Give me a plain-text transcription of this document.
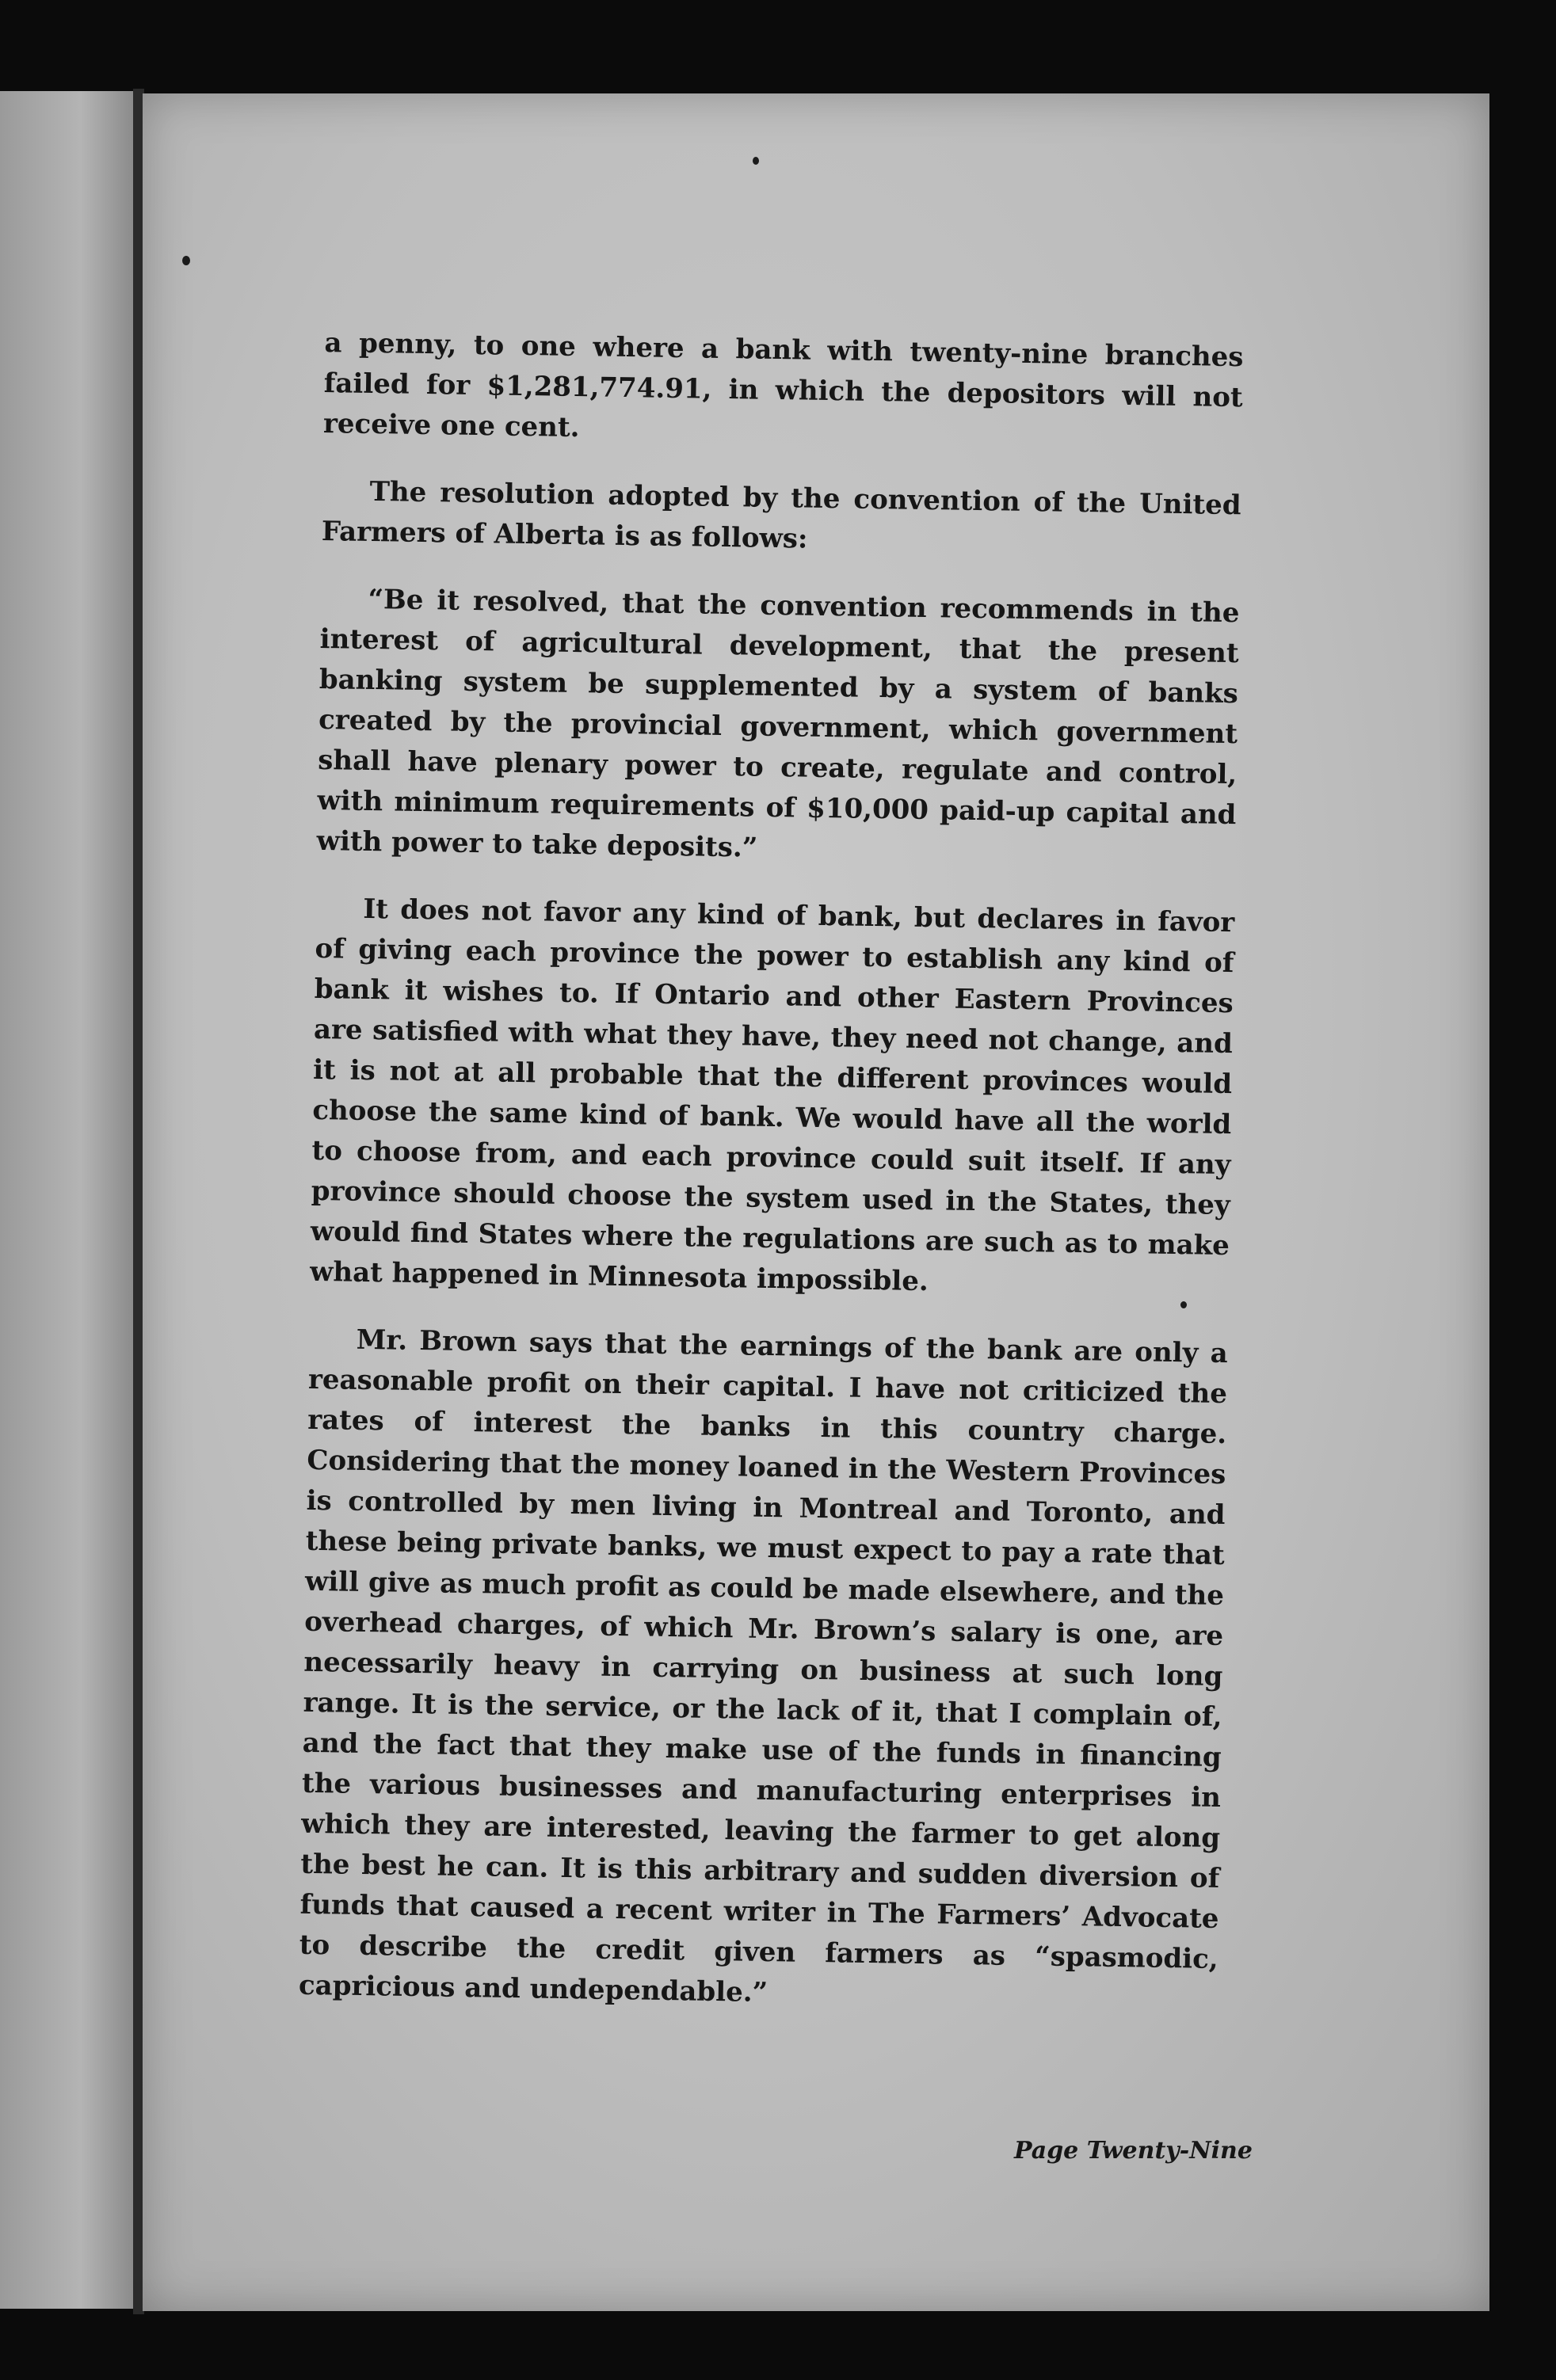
a penny, to one where a bank with twenty-nine branches failed for $1,281,774.91, in which the depositors will not receive one cent.

The resolution adopted by the convention of the United Farmers of Alberta is as follows:

“Be it resolved, that the convention recommends in the interest of agricultural development, that the present banking system be supplemented by a system of banks created by the provincial government, which government shall have plenary power to create, regulate and control, with minimum requirements of $10,000 paid-up capital and with power to take deposits.”

It does not favor any kind of bank, but declares in favor of giving each province the power to establish any kind of bank it wishes to. If Ontario and other Eastern Provinces are satisfied with what they have, they need not change, and it is not at all probable that the different provinces would choose the same kind of bank. We would have all the world to choose from, and each province could suit itself. If any province should choose the system used in the States, they would find States where the regulations are such as to make what happened in Minnesota impossible.

Mr. Brown says that the earnings of the bank are only a reasonable profit on their capital. I have not criticized the rates of interest the banks in this country charge. Considering that the money loaned in the Western Provinces is controlled by men living in Montreal and Toronto, and these being private banks, we must expect to pay a rate that will give as much profit as could be made elsewhere, and the overhead charges, of which Mr. Brown’s salary is one, are necessarily heavy in carrying on business at such long range. It is the service, or the lack of it, that I complain of, and the fact that they make use of the funds in financing the various businesses and manufacturing enterprises in which they are interested, leaving the farmer to get along the best he can. It is this arbitrary and sudden diversion of funds that caused a recent writer in The Farmers’ Advocate to describe the credit given farmers as “spasmodic, capricious and undependable.”

Page Twenty-Nine
